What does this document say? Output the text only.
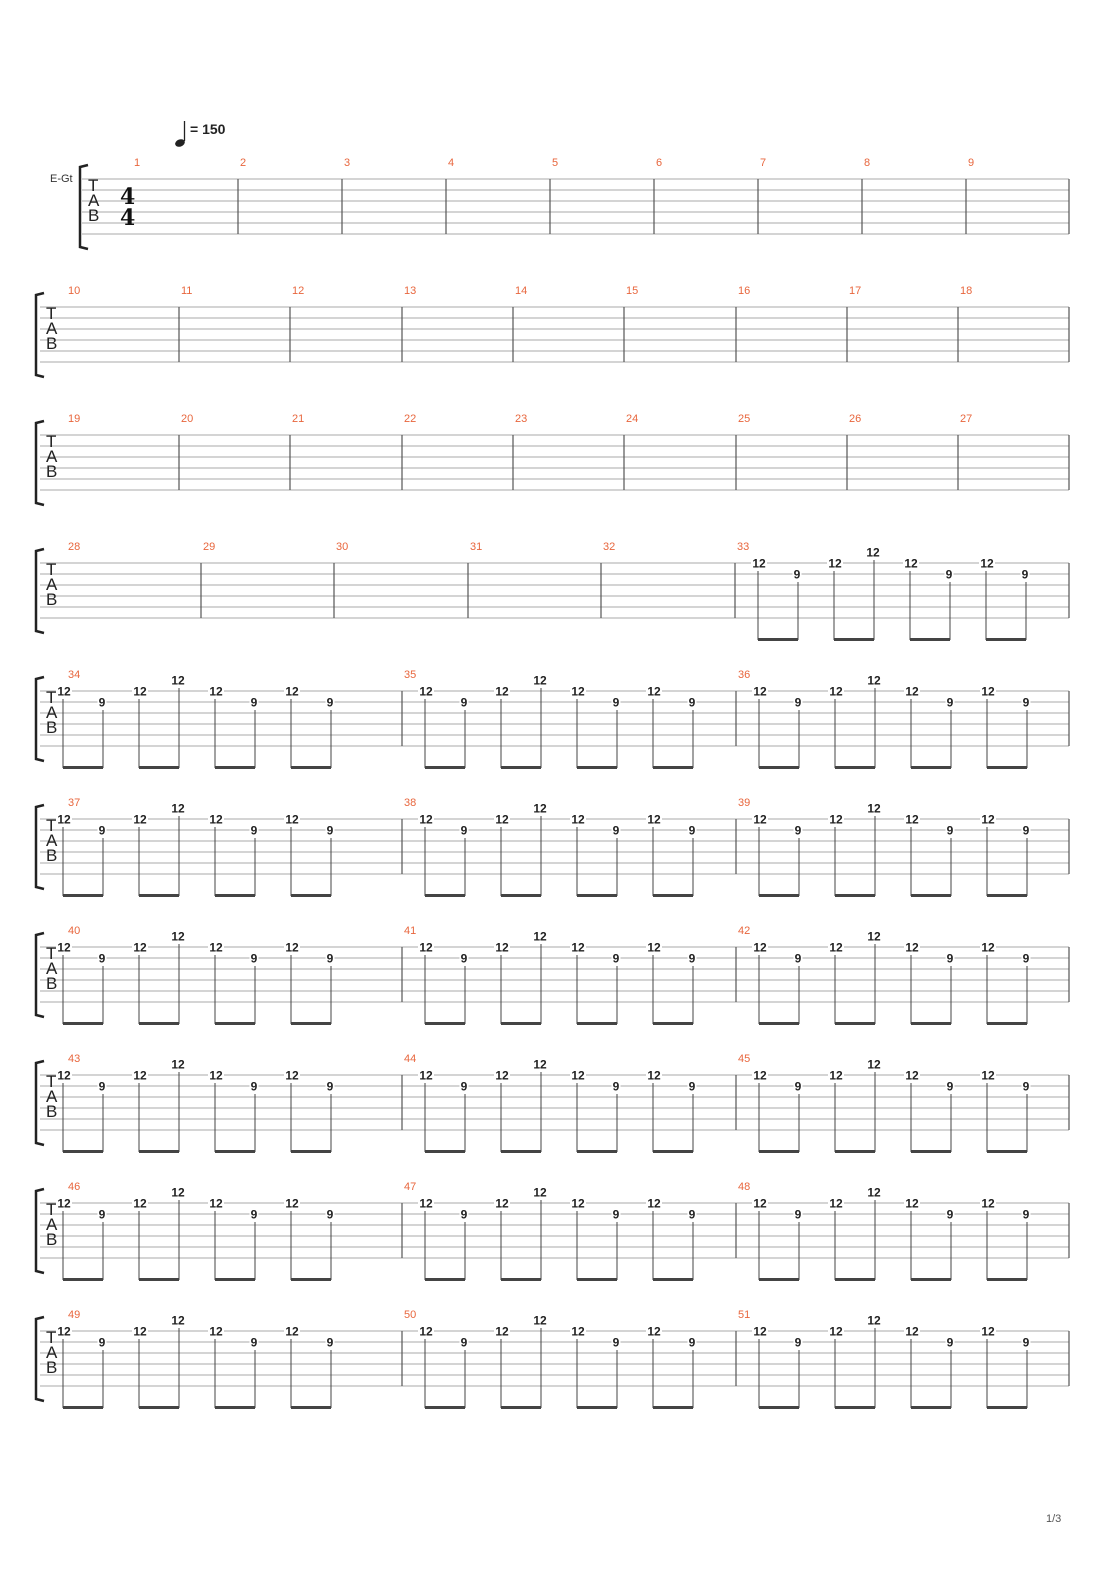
= 150
E-Gt
1/3
T
A
B
4
4
1	2	3	4	5	6	7	8	9
T
A
B
10	11	12	13	14	15	16	17	18
T
A
B
19	20	21	22	23	24	25	26	27
T
A
B
28	29	30	31	32	33
12
9
12
12
12
9
12
9
T
A
B
34
12
9
12
12
12
9
12
9
35
12
9
12
12
12
9
12
9
36
12
9
12
12
12
9
12
9
T
A
B
37
12
9
12
12
12
9
12
9
38
12
9
12
12
12
9
12
9
39
12
9
12
12
12
9
12
9
T
A
B
40
12
9
12
12
12
9
12
9
41
12
9
12
12
12
9
12
9
42
12
9
12
12
12
9
12
9
T
A
B
43
12
9
12
12
12
9
12
9
44
12
9
12
12
12
9
12
9
45
12
9
12
12
12
9
12
9
T
A
B
46
12
9
12
12
12
9
12
9
47
12
9
12
12
12
9
12
9
48
12
9
12
12
12
9
12
9
T
A
B
49
12
9
12
12
12
9
12
9
50
12
9
12
12
12
9
12
9
51
12
9
12
12
12
9
12
9
